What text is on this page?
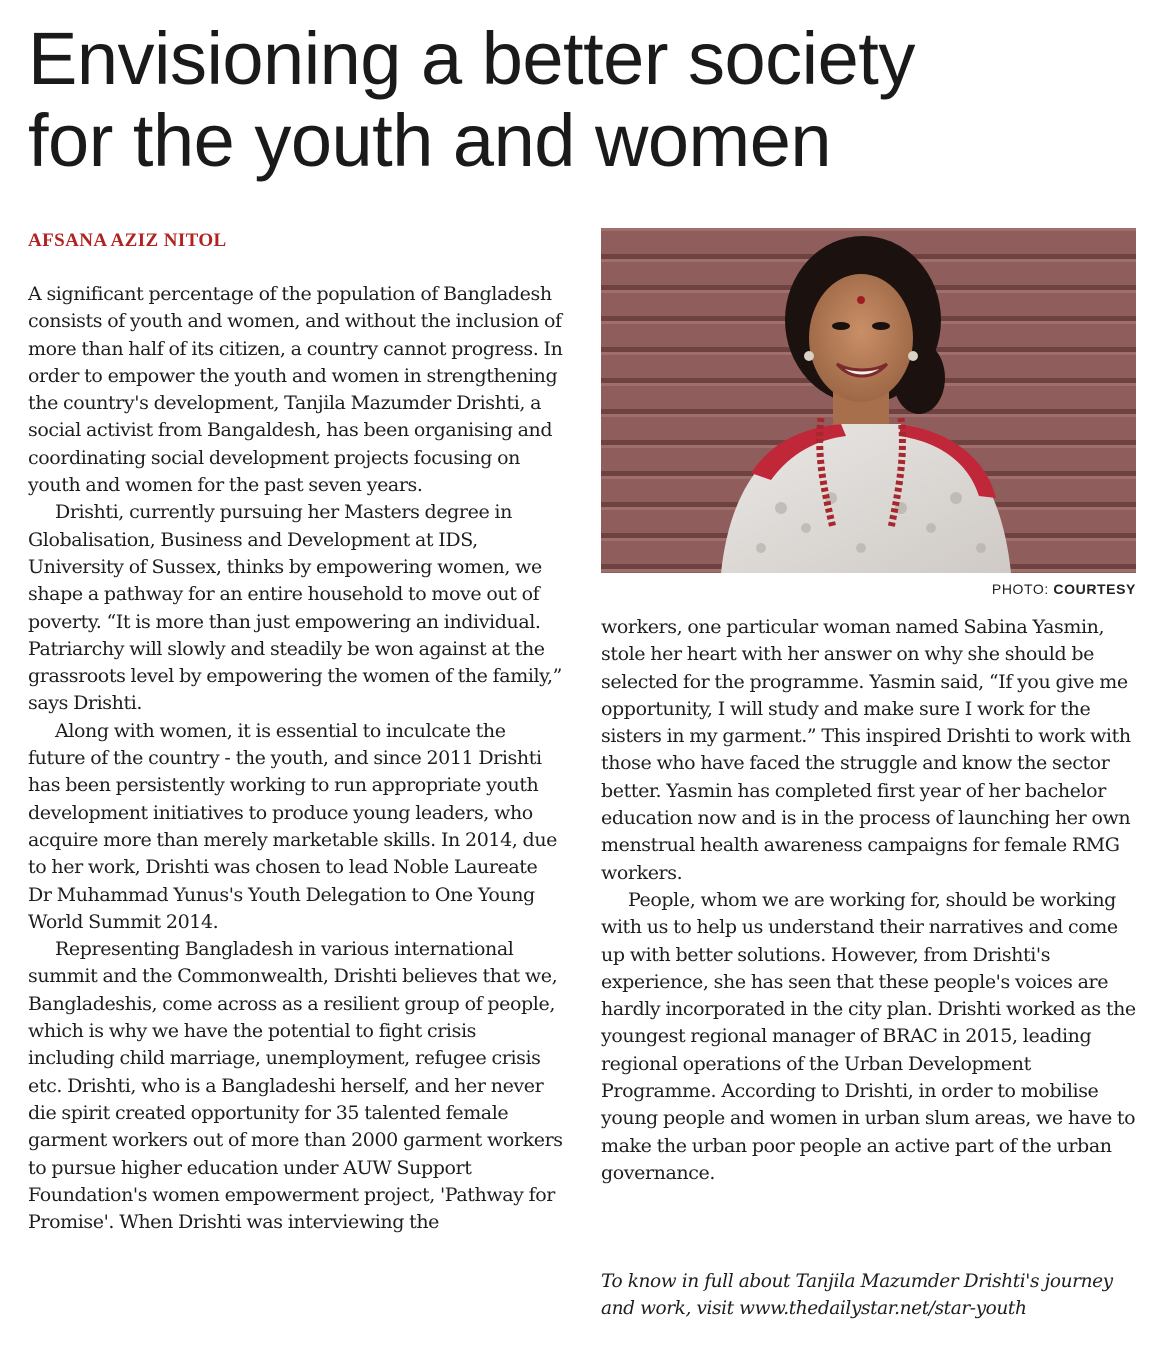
Envisioning a better society
for the youth and women
AFSANA AZIZ NITOL

A significant percentage of the population of Bangladesh consists of youth and women, and without the inclusion of more than half of its citizen, a country cannot progress. In order to empower the youth and women in strengthening the country's development, Tanjila Mazumder Drishti, a social activist from Bangaldesh, has been organising and coordinating social development projects focusing on youth and women for the past seven years.

Drishti, currently pursuing her Masters degree in Globalisation, Business and Development at IDS, University of Sussex, thinks by empowering women, we shape a pathway for an entire household to move out of poverty. “It is more than just empowering an individual. Patriarchy will slowly and steadily be won against at the grassroots level by empowering the women of the family,” says Drishti.

Along with women, it is essential to inculcate the future of the country - the youth, and since 2011 Drishti has been persistently working to run appropriate youth development initiatives to produce young leaders, who acquire more than merely marketable skills. In 2014, due to her work, Drishti was chosen to lead Noble Laureate Dr Muhammad Yunus's Youth Delegation to One Young World Summit 2014.

Representing Bangladesh in various international summit and the Commonwealth, Drishti believes that we, Bangladeshis, come across as a resilient group of people, which is why we have the potential to fight crisis including child marriage, unemployment, refugee crisis etc. Drishti, who is a Bangladeshi herself, and her never die spirit created opportunity for 35 talented female garment workers out of more than 2000 garment workers to pursue higher education under AUW Support Foundation's women empowerment project, 'Pathway for Promise'. When Drishti was interviewing the

PHOTO: COURTESY

workers, one particular woman named Sabina Yasmin, stole her heart with her answer on why she should be selected for the programme. Yasmin said, “If you give me opportunity, I will study and make sure I work for the sisters in my garment.” This inspired Drishti to work with those who have faced the struggle and know the sector better. Yasmin has completed first year of her bachelor education now and is in the process of launching her own menstrual health awareness campaigns for female RMG workers.

People, whom we are working for, should be working with us to help us understand their narratives and come up with better solutions. However, from Drishti's experience, she has seen that these people's voices are hardly incorporated in the city plan. Drishti worked as the youngest regional manager of BRAC in 2015, leading regional operations of the Urban Development Programme. According to Drishti, in order to mobilise young people and women in urban slum areas, we have to make the urban poor people an active part of the urban governance.

To know in full about Tanjila Mazumder Drishti's journey and work, visit www.thedailystar.net/star-youth
